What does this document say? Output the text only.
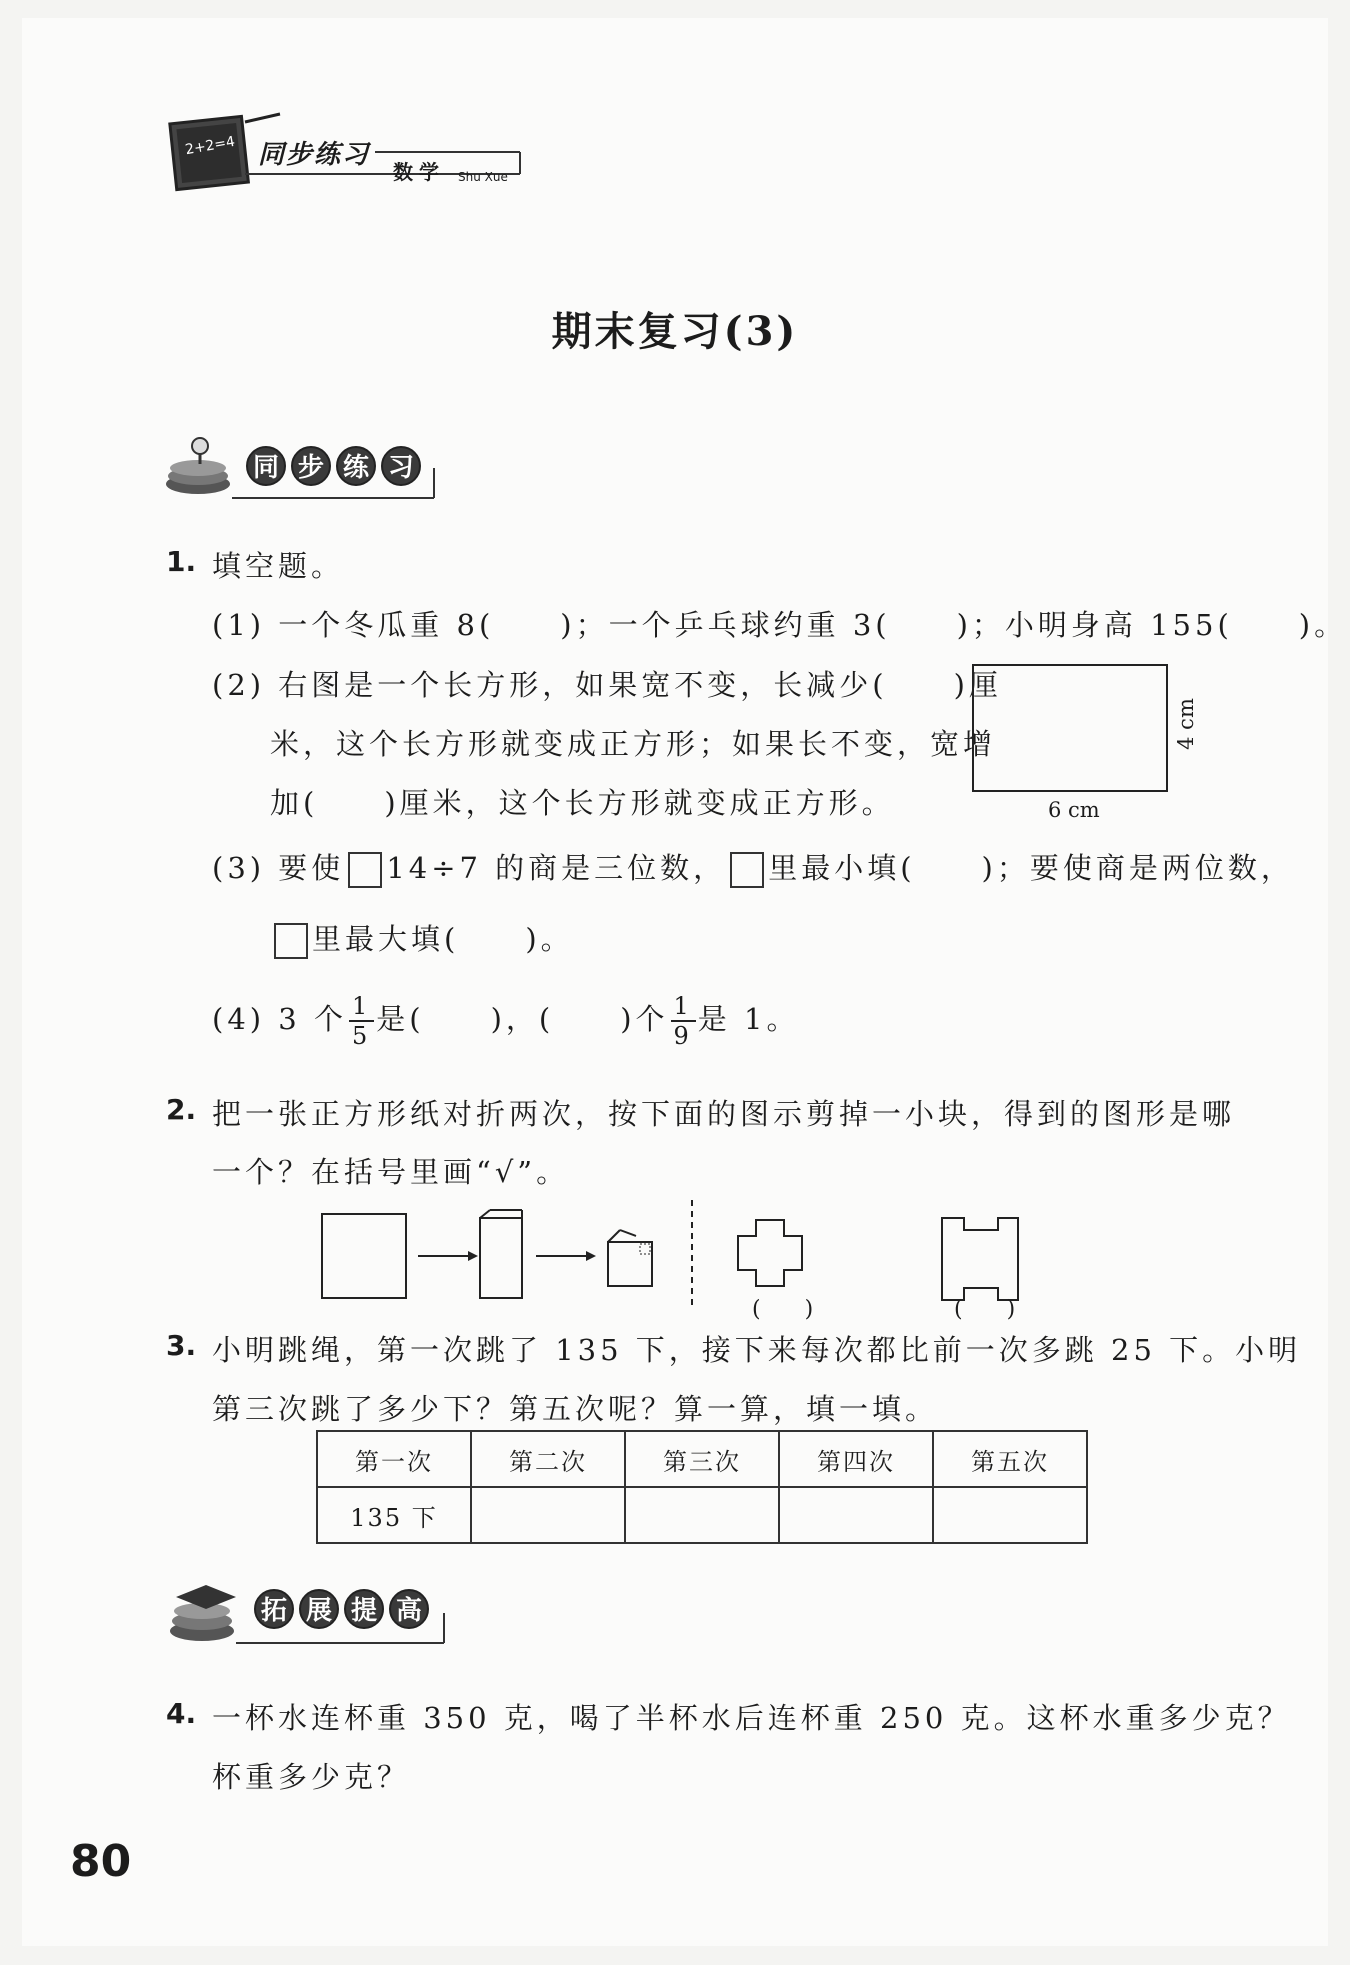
2+2=4 同步练习
数学 Shu Xue
期末复习(3)
同 步 练 习
1. 填空题。
(1) 一个冬瓜重 8(　　)；一个乒乓球约重 3(　　)；小明身高 155(　　)。
(2) 右图是一个长方形，如果宽不变，长减少(　　)厘
米，这个长方形就变成正方形；如果长不变，宽增
加(　　)厘米，这个长方形就变成正方形。	6 cm
4 cm
(3) 要使 14÷7 的商是三位数， 里最小填(　　)；要使商是两位数，
里最大填(　　)。
(4) 3 个 $\frac{1}{5}$ 是(　　)，(　　)个 $\frac{1}{9}$ 是 1。
2. 把一张正方形纸对折两次，按下面的图示剪掉一小块，得到的图形是哪
一个？在括号里画“√”。
(　　)	(　　)
3. 小明跳绳，第一次跳了 135 下，接下来每次都比前一次多跳 25 下。小明
第三次跳了多少下？第五次呢？算一算，填一填。
第一次	第二次	第三次	第四次	第五次
135 下				
拓 展 提 高
4. 一杯水连杯重 350 克，喝了半杯水后连杯重 250 克。这杯水重多少克？
杯重多少克？
80
